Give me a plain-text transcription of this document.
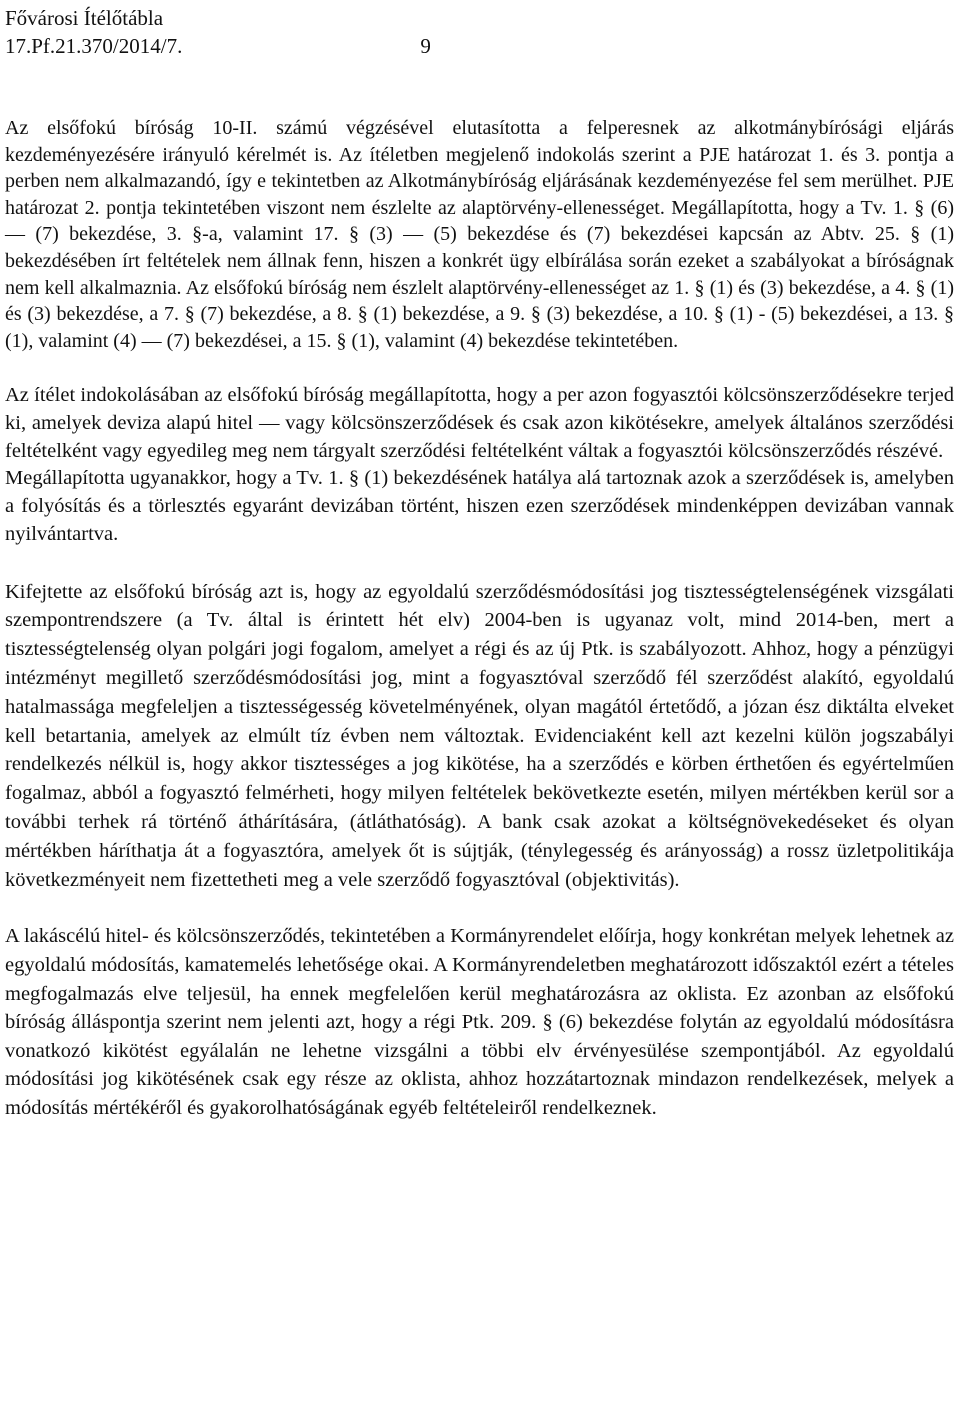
Fővárosi Ítélőtábla
17.Pf.21.370/2014/7.	9

Az elsőfokú bíróság 10-II. számú végzésével elutasította a felperesnek az alkotmánybírósági eljárás kezdeményezésére irányuló kérelmét is. Az ítéletben megjelenő indokolás szerint a PJE határozat 1. és 3. pontja a perben nem alkalmazandó, így e tekintetben az Alkotmánybíróság eljárásának kezdeményezése fel sem merülhet. PJE határozat 2. pontja tekintetében viszont nem észlelte az alaptörvény-ellenességet. Megállapította, hogy a Tv. 1. § (6) ― (7) bekezdése, 3. §-a, valamint 17. § (3) ― (5) bekezdése és (7) bekezdései kapcsán az Abtv. 25. § (1) bekezdésében írt feltételek nem állnak fenn, hiszen a konkrét ügy elbírálása során ezeket a szabályokat a bíróságnak nem kell alkalmaznia. Az elsőfokú bíróság nem észlelt alaptörvény-ellenességet az 1. § (1) és (3) bekezdése, a 4. § (1) és (3) bekezdése, a 7. § (7) bekezdése, a 8. § (1) bekezdése, a 9. § (3) bekezdése, a 10. § (1) - (5) bekezdései, a 13. § (1), valamint (4) ― (7) bekezdései, a 15. § (1), valamint (4) bekezdése tekintetében.

Az ítélet indokolásában az elsőfokú bíróság megállapította, hogy a per azon fogyasztói kölcsönszerződésekre terjed ki, amelyek deviza alapú hitel ― vagy kölcsönszerződések és csak azon kikötésekre, amelyek általános szerződési feltételként vagy egyedileg meg nem tárgyalt szerződési feltételként váltak a fogyasztói kölcsönszerződés részévé.

Megállapította ugyanakkor, hogy a Tv. 1. § (1) bekezdésének hatálya alá tartoznak azok a szerződések is, amelyben a folyósítás és a törlesztés egyaránt devizában történt, hiszen ezen szerződések mindenképpen devizában vannak nyilvántartva.

Kifejtette az elsőfokú bíróság azt is, hogy az egyoldalú szerződésmódosítási jog tisztességtelenségének vizsgálati szempontrendszere (a Tv. által is érintett hét elv) 2004-ben is ugyanaz volt, mind 2014-ben, mert a tisztességtelenség olyan polgári jogi fogalom, amelyet a régi és az új Ptk. is szabályozott. Ahhoz, hogy a pénzügyi intézményt megillető szerződésmódosítási jog, mint a fogyasztóval szerződő fél szerződést alakító, egyoldalú hatalmassága megfeleljen a tisztességesség követelményének, olyan magától értetődő, a józan ész diktálta elveket kell betartania, amelyek az elmúlt tíz évben nem változtak. Evidenciaként kell azt kezelni külön jogszabályi rendelkezés nélkül is, hogy akkor tisztességes a jog kikötése, ha a szerződés e körben érthetően és egyértelműen fogalmaz, abból a fogyasztó felmérheti, hogy milyen feltételek bekövetkezte esetén, milyen mértékben kerül sor a további terhek rá történő áthárítására, (átláthatóság). A bank csak azokat a költségnövekedéseket és olyan mértékben háríthatja át a fogyasztóra, amelyek őt is sújtják, (ténylegesség és arányosság) a rossz üzletpolitikája következményeit nem fizettetheti meg a vele szerződő fogyasztóval (objektivitás).

A lakáscélú hitel- és kölcsönszerződés, tekintetében a Kormányrendelet előírja, hogy konkrétan melyek lehetnek az egyoldalú módosítás, kamatemelés lehetősége okai. A Kormányrendeletben meghatározott időszaktól ezért a tételes megfogalmazás elve teljesül, ha ennek megfelelően kerül meghatározásra az oklista. Ez azonban az elsőfokú bíróság álláspontja szerint nem jelenti azt, hogy a régi Ptk. 209. § (6) bekezdése folytán az egyoldalú módosításra vonatkozó kikötést egyálalán ne lehetne vizsgálni a többi elv érvényesülése szempontjából. Az egyoldalú módosítási jog kikötésének csak egy része az oklista, ahhoz hozzátartoznak mindazon rendelkezések, melyek a módosítás mértékéről és gyakorolhatóságának egyéb feltételeiről rendelkeznek.
